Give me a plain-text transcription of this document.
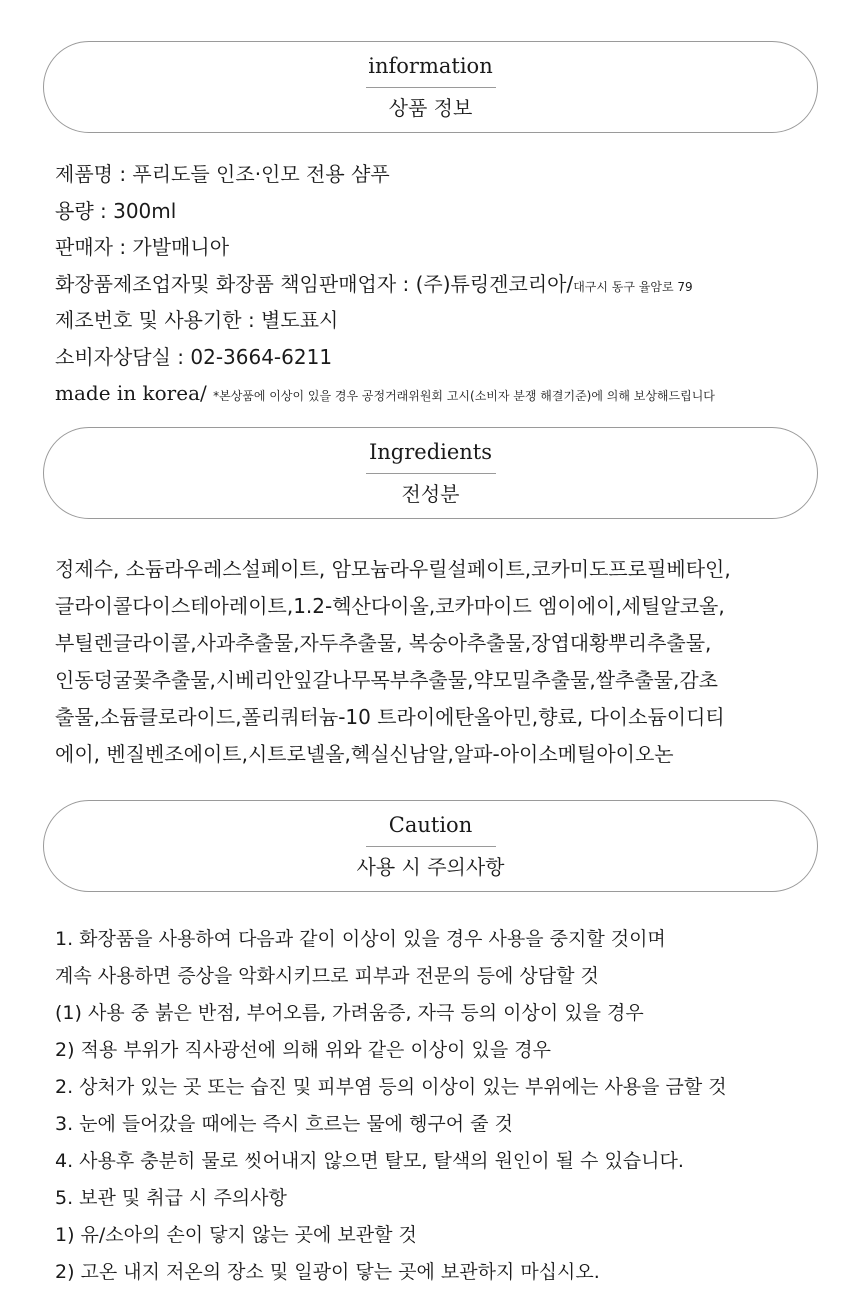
information
상품 정보
제품명 : 푸리도들 인조·인모 전용 샴푸
용량 : 300ml
판매자 : 가발매니아
화장품제조업자및 화장품 책임판매업자 : (주)튜링겐코리아/대구시 동구 율암로 79
제조번호 및 사용기한 : 별도표시
소비자상담실 : 02-3664-6211
made in korea/ *본상품에 이상이 있을 경우 공정거래위원회 고시(소비자 분쟁 해결기준)에 의해 보상해드립니다
Ingredients
전성분
정제수, 소듐라우레스설페이트, 암모늄라우릴설페이트,코카미도프로필베타인,
글라이콜다이스테아레이트,1.2-헥산다이올,코카마이드 엠이에이,세틸알코올,
부틸렌글라이콜,사과추출물,자두추출물, 복숭아추출물,장엽대황뿌리추출물,
인동덩굴꽃추출물,시베리안잎갈나무목부추출물,약모밀추출물,쌀추출물,감초
출물,소듐클로라이드,폴리쿼터늄-10 트라이에탄올아민,향료, 다이소듐이디티
에이, 벤질벤조에이트,시트로넬올,헥실신남알,알파-아이소메틸아이오논
Caution
사용 시 주의사항
1. 화장품을 사용하여 다음과 같이 이상이 있을 경우 사용을 중지할 것이며
계속 사용하면 증상을 악화시키므로 피부과 전문의 등에 상담할 것
(1) 사용 중 붉은 반점, 부어오름, 가려움증, 자극 등의 이상이 있을 경우
2) 적용 부위가 직사광선에 의해 위와 같은 이상이 있을 경우
2. 상처가 있는 곳 또는 습진 및 피부염 등의 이상이 있는 부위에는 사용을 금할 것
3. 눈에 들어갔을 때에는 즉시 흐르는 물에 헹구어 줄 것
4. 사용후 충분히 물로 씻어내지 않으면 탈모, 탈색의 원인이 될 수 있습니다.
5. 보관 및 취급 시 주의사항
1) 유/소아의 손이 닿지 않는 곳에 보관할 것
2) 고온 내지 저온의 장소 및 일광이 닿는 곳에 보관하지 마십시오.
